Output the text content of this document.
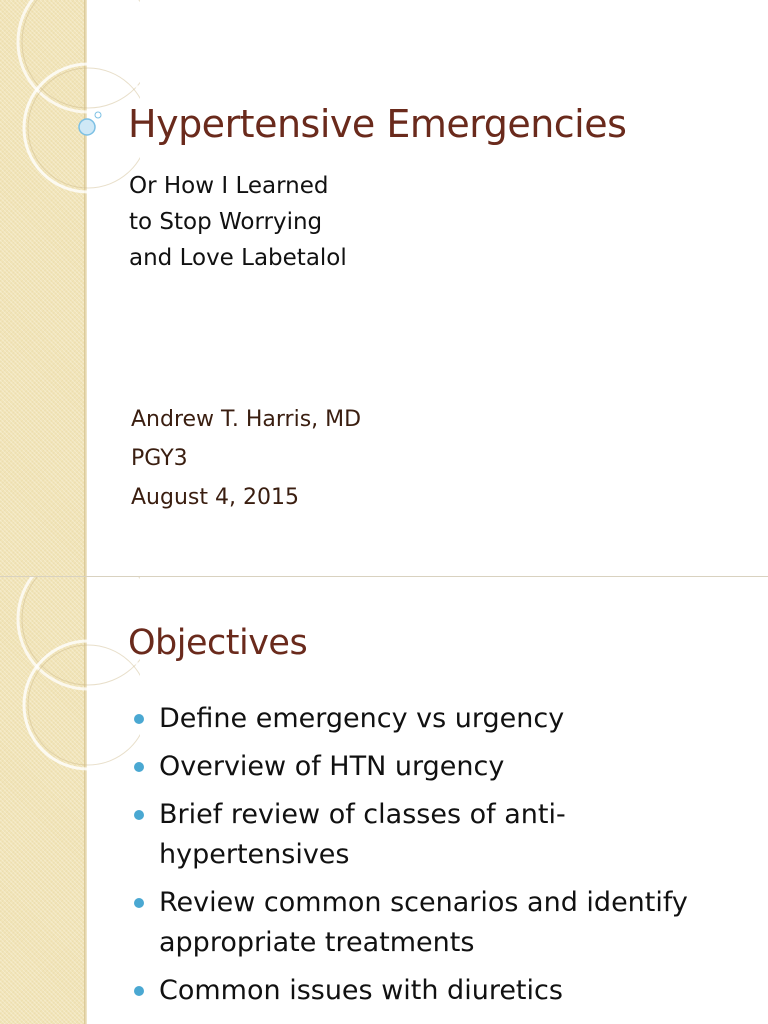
Hypertensive Emergencies
Or How I Learned
to Stop Worrying
and Love Labetalol
Andrew T. Harris, MD
PGY3
August 4, 2015
Objectives
Define emergency vs urgency
Overview of HTN urgency
Brief review of classes of anti-hypertensives
Review common scenarios and identify appropriate treatments
Common issues with diuretics
